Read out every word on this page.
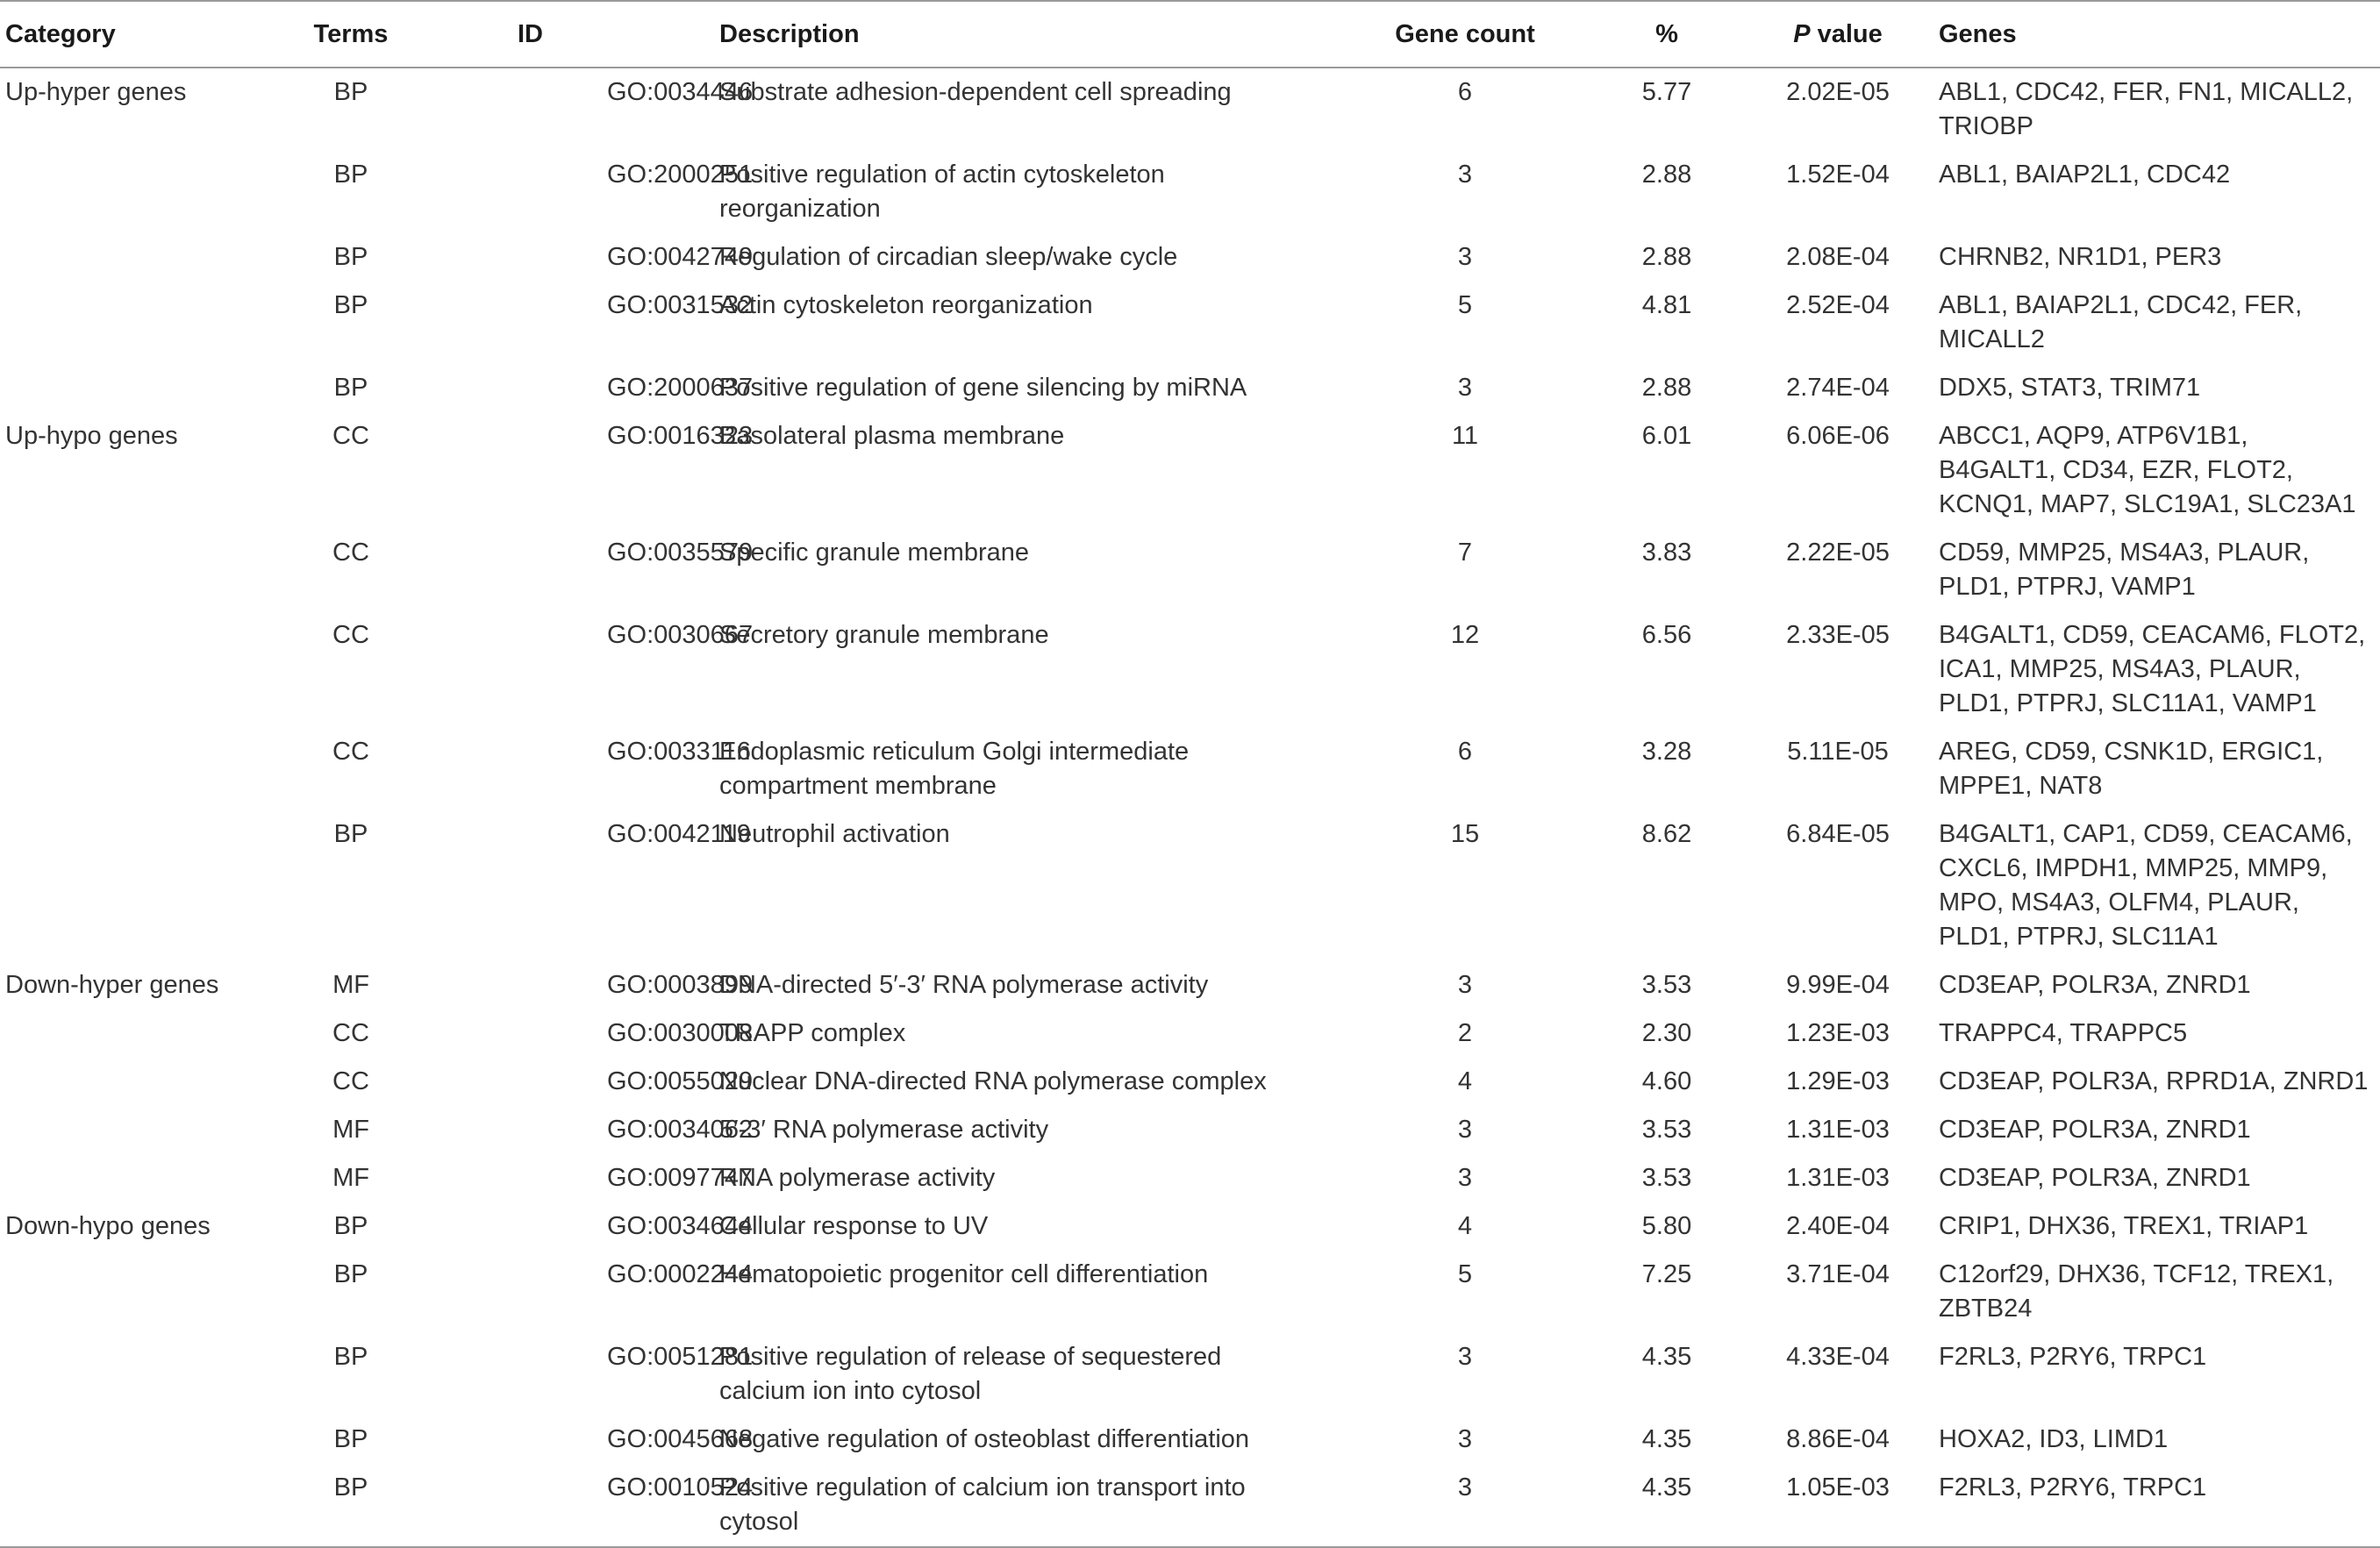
Category	Terms	ID	Description	Gene count	%	P value	Genes
Up-hyper genes	BP	GO:0034446	Substrate adhesion-dependent cell spreading	6	5.77	2.02E-05	ABL1, CDC42, FER, FN1, MICALL2, TRIOBP
	BP	GO:2000251	Positive regulation of actin cytoskeleton reorganization	3	2.88	1.52E-04	ABL1, BAIAP2L1, CDC42
	BP	GO:0042749	Regulation of circadian sleep/wake cycle	3	2.88	2.08E-04	CHRNB2, NR1D1, PER3
	BP	GO:0031532	Actin cytoskeleton reorganization	5	4.81	2.52E-04	ABL1, BAIAP2L1, CDC42, FER, MICALL2
	BP	GO:2000637	Positive regulation of gene silencing by miRNA	3	2.88	2.74E-04	DDX5, STAT3, TRIM71
Up-hypo genes	CC	GO:0016323	Basolateral plasma membrane	11	6.01	6.06E-06	ABCC1, AQP9, ATP6V1B1, B4GALT1, CD34, EZR, FLOT2, KCNQ1, MAP7, SLC19A1, SLC23A1
	CC	GO:0035579	Specific granule membrane	7	3.83	2.22E-05	CD59, MMP25, MS4A3, PLAUR, PLD1, PTPRJ, VAMP1
	CC	GO:0030667	Secretory granule membrane	12	6.56	2.33E-05	B4GALT1, CD59, CEACAM6, FLOT2, ICA1, MMP25, MS4A3, PLAUR, PLD1, PTPRJ, SLC11A1, VAMP1
	CC	GO:0033116	Endoplasmic reticulum Golgi intermediate compartment membrane	6	3.28	5.11E-05	AREG, CD59, CSNK1D, ERGIC1, MPPE1, NAT8
	BP	GO:0042119	Neutrophil activation	15	8.62	6.84E-05	B4GALT1, CAP1, CD59, CEACAM6, CXCL6, IMPDH1, MMP25, MMP9, MPO, MS4A3, OLFM4, PLAUR, PLD1, PTPRJ, SLC11A1
Down-hyper genes	MF	GO:0003899	DNA-directed 5′-3′ RNA polymerase activity	3	3.53	9.99E-04	CD3EAP, POLR3A, ZNRD1
	CC	GO:0030008	TRAPP complex	2	2.30	1.23E-03	TRAPPC4, TRAPPC5
	CC	GO:0055029	Nuclear DNA-directed RNA polymerase complex	4	4.60	1.29E-03	CD3EAP, POLR3A, RPRD1A, ZNRD1
	MF	GO:0034062	5′-3′ RNA polymerase activity	3	3.53	1.31E-03	CD3EAP, POLR3A, ZNRD1
	MF	GO:0097747	RNA polymerase activity	3	3.53	1.31E-03	CD3EAP, POLR3A, ZNRD1
Down-hypo genes	BP	GO:0034644	Cellular response to UV	4	5.80	2.40E-04	CRIP1, DHX36, TREX1, TRIAP1
	BP	GO:0002244	Hematopoietic progenitor cell differentiation	5	7.25	3.71E-04	C12orf29, DHX36, TCF12, TREX1, ZBTB24
	BP	GO:0051281	Positive regulation of release of sequestered calcium ion into cytosol	3	4.35	4.33E-04	F2RL3, P2RY6, TRPC1
	BP	GO:0045668	Negative regulation of osteoblast differentiation	3	4.35	8.86E-04	HOXA2, ID3, LIMD1
	BP	GO:0010524	Positive regulation of calcium ion transport into cytosol	3	4.35	1.05E-03	F2RL3, P2RY6, TRPC1
